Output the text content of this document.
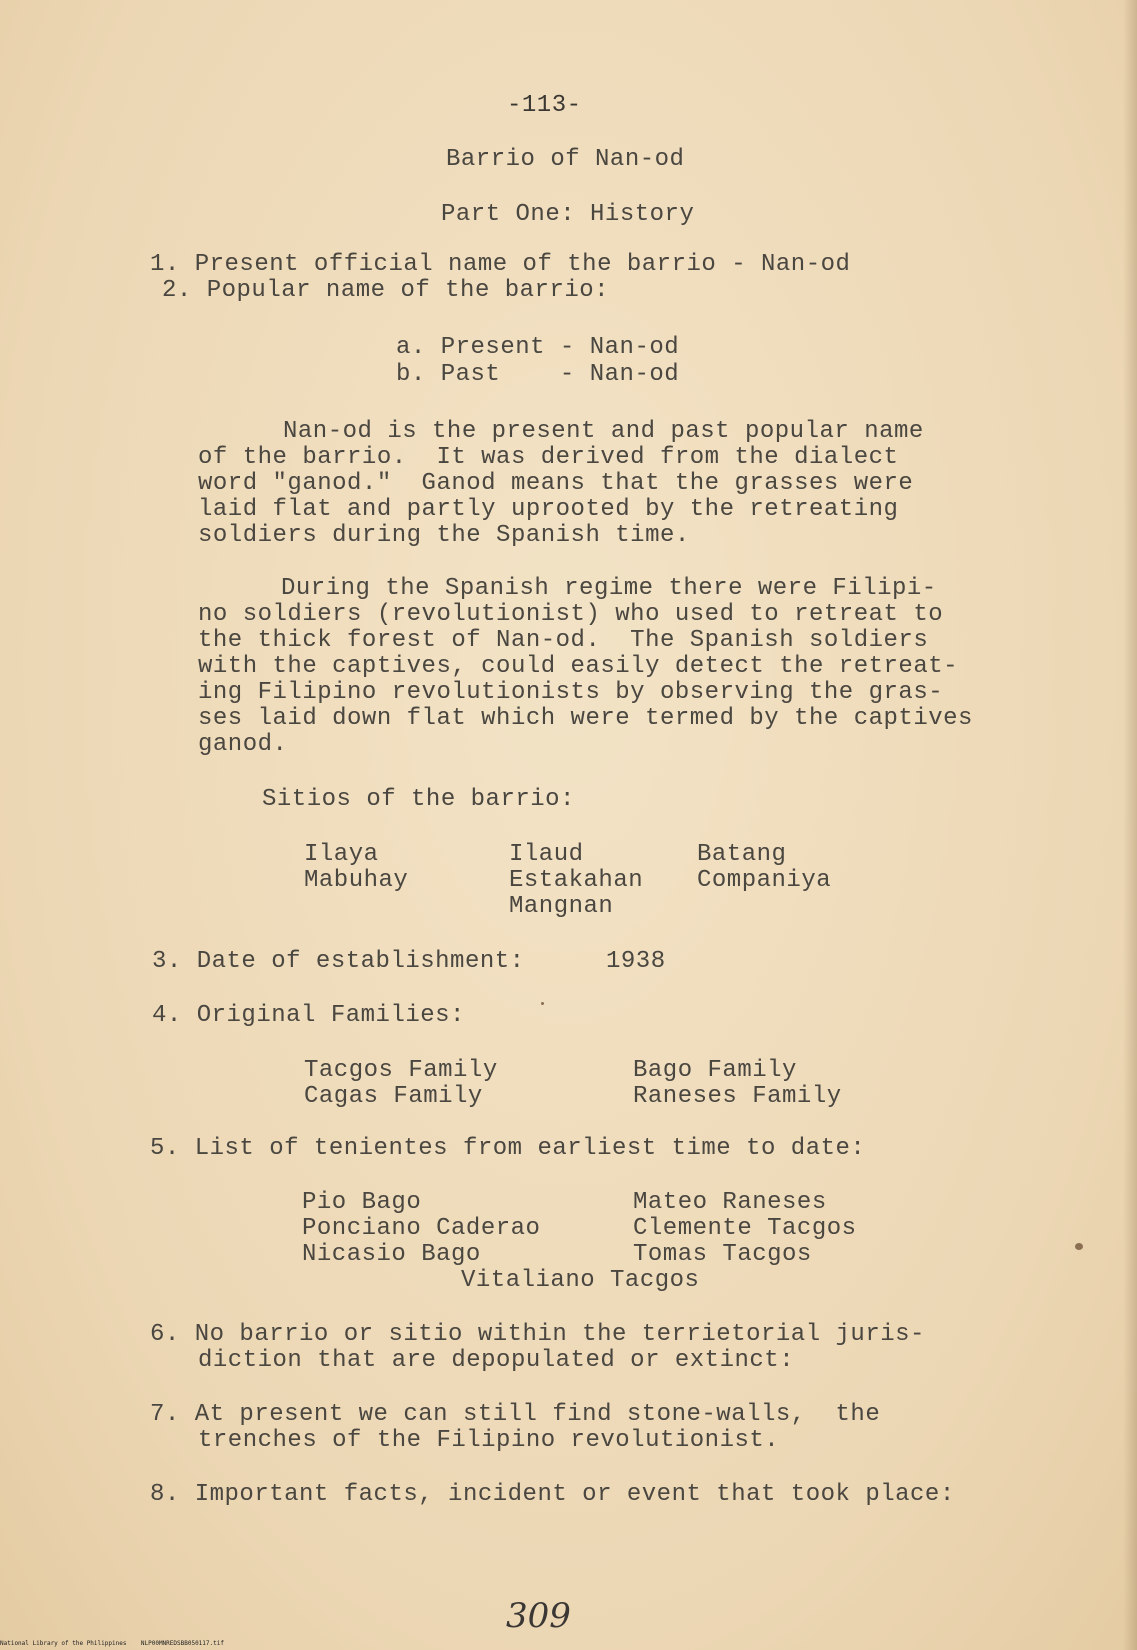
-113-
Barrio of Nan-od
Part One: History
1. Present official name of the barrio - Nan-od
2. Popular name of the barrio:
a. Present - Nan-od
b. Past    - Nan-od
Nan-od is the present and past popular name
of the barrio.  It was derived from the dialect
word "ganod."  Ganod means that the grasses were
laid flat and partly uprooted by the retreating
soldiers during the Spanish time.
During the Spanish regime there were Filipi-
no soldiers (revolutionist) who used to retreat to
the thick forest of Nan-od.  The Spanish soldiers
with the captives, could easily detect the retreat-
ing Filipino revolutionists by observing the gras-
ses laid down flat which were termed by the captives
ganod.
Sitios of the barrio:
Ilaya
Mabuhay
Ilaud
Estakahan
Mangnan
Batang
Companiya
3. Date of establishment:	1938
4. Original Families:
Tacgos Family
Cagas Family
Bago Family
Raneses Family
5. List of tenientes from earliest time to date:
Pio Bago
Ponciano Caderao
Nicasio Bago
Mateo Raneses
Clemente Tacgos
Tomas Tacgos
Vitaliano Tacgos
6. No barrio or sitio within the terrietorial juris-
diction that are depopulated or extinct:
7. At present we can still find stone-walls,  the
trenches of the Filipino revolutionist.
8. Important facts, incident or event that took place:
309
National Library of the Philippines    NLP00MNREDSBB050117.tif
